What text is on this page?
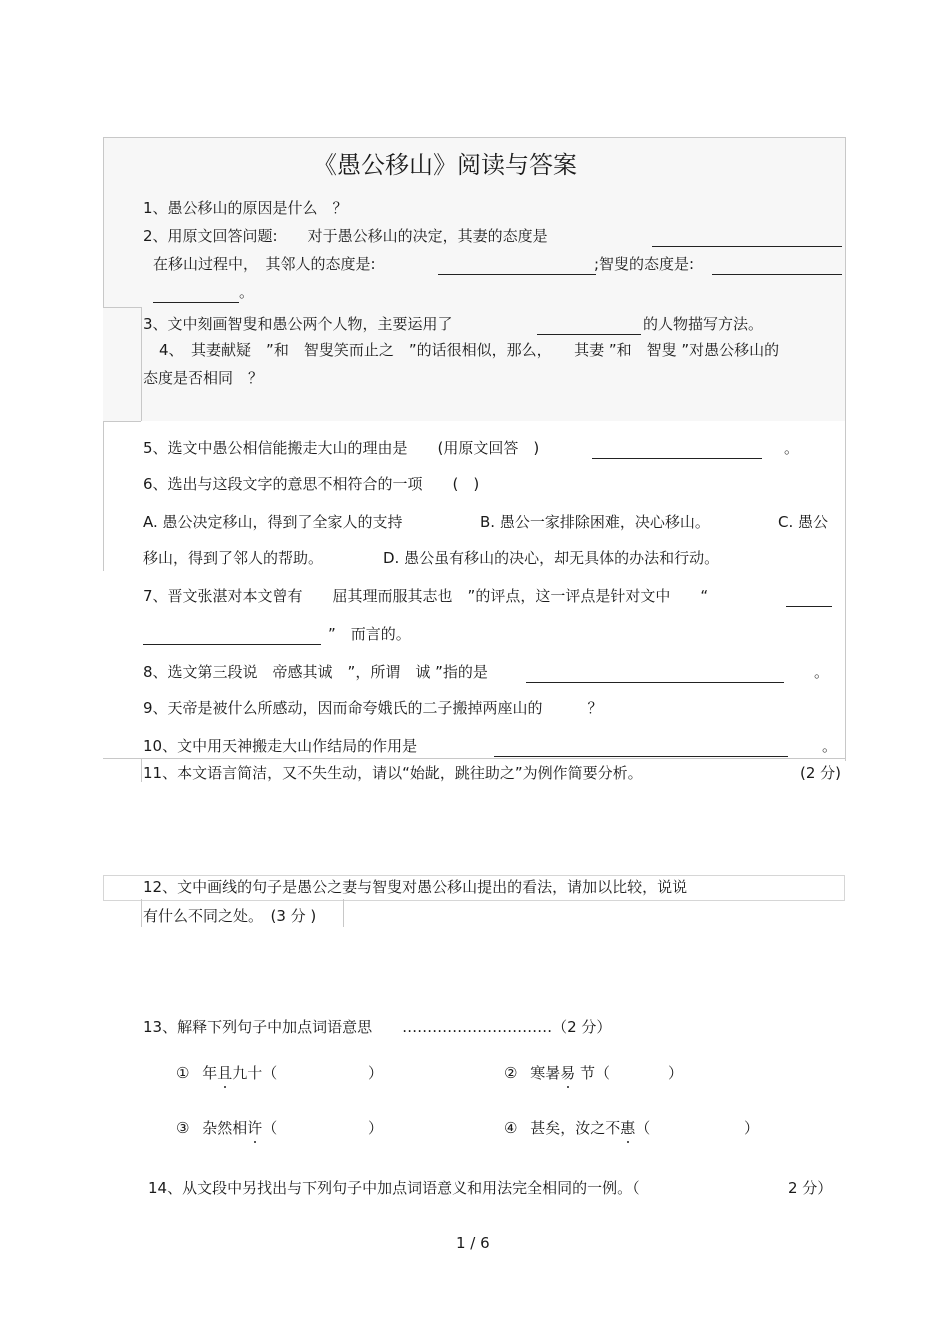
《愚公移山》阅读与答案
1、愚公移山的原因是什么　？
2、用原文回答问题:　　对于愚公移山的决定，其妻的态度是
在移山过程中，　其邻人的态度是:	;智叟的态度是:
。
3、文中刻画智叟和愚公两个人物，主要运用了	的人物描写方法。
4、　其妻献疑　”和　智叟笑而止之　”的话很相似，那么，　　其妻 ”和　智叟 ”对愚公移山的
态度是否相同　？
5、选文中愚公相信能搬走大山的理由是　　(用原文回答　)	。
6、选出与这段文字的意思不相符合的一项　　(　)
A. 愚公决定移山，得到了全家人的支持	B. 愚公一家排除困难，决心移山。	C. 愚公
移山，得到了邻人的帮助。	D. 愚公虽有移山的决心，却无具体的办法和行动。
7、晋文张湛对本文曾有　　屈其理而服其志也　”的评点，这一评点是针对文中　　“
”　而言的。
8、选文第三段说　帝感其诚　”，所谓　诚 ”指的是	。
9、天帝是被什么所感动，因而命夸娥氏的二子搬掉两座山的　　　？
10、文中用天神搬走大山作结局的作用是	。
11、本文语言简洁，又不失生动，请以“始龀，跳往助之”为例作简要分析。	(2 分)
12、文中画线的句子是愚公之妻与智叟对愚公移山提出的看法，请加以比较，说说
有什么不同之处。　(3 分 )
13、解释下列句子中加点词语意思　　…………………………（2 分）
① 年且九十（	）	② 寒暑易 节（	）
③ 杂然相许（	）	④ 甚矣，汝之不惠（	）
14、从文段中另找出与下列句子中加点词语意义和用法完全相同的一例。（	2 分）
1 / 6
